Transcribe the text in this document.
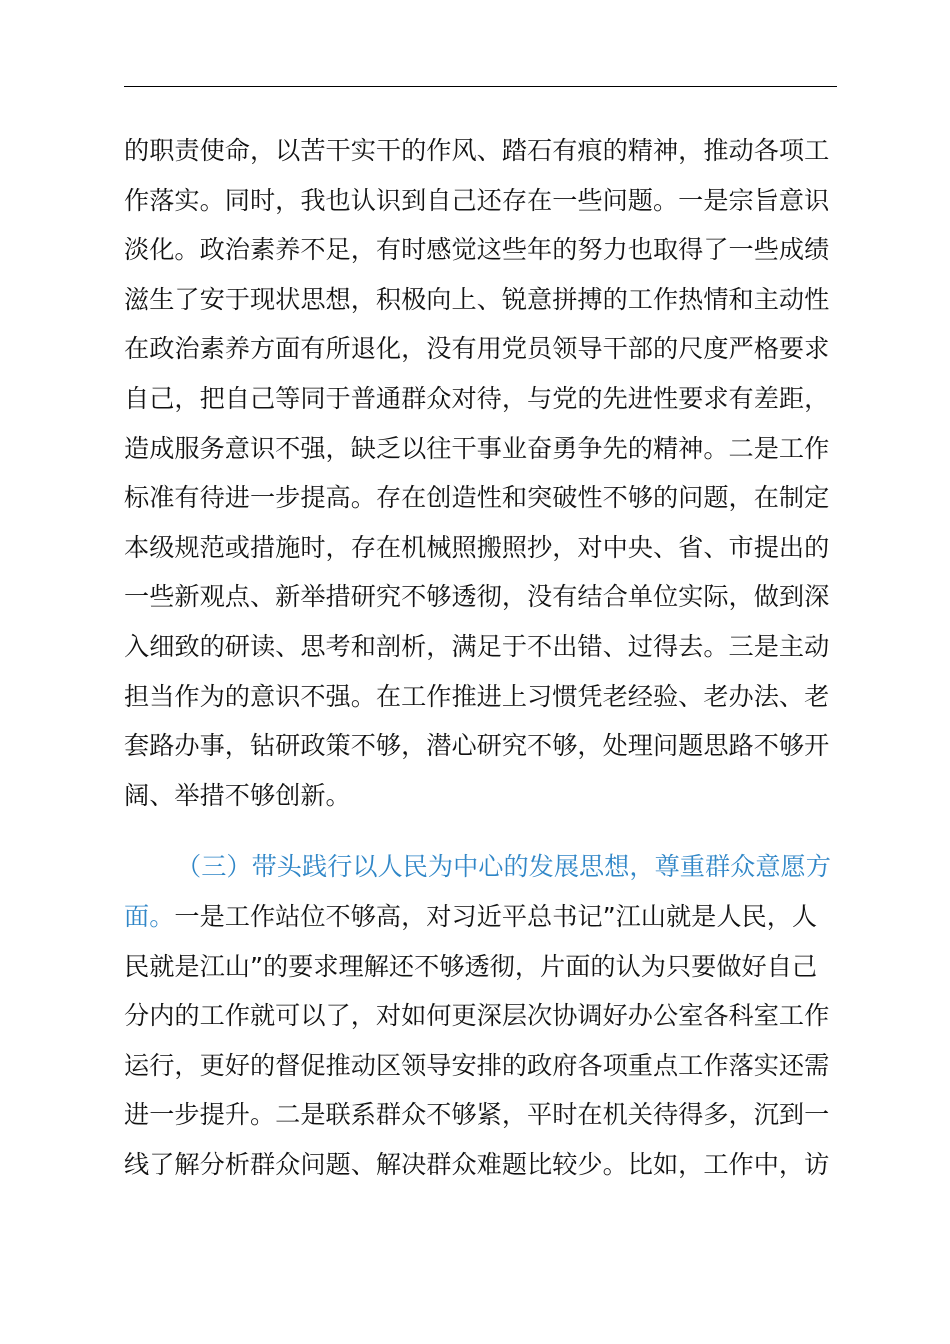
的职责使命，以苦干实干的作风、踏石有痕的精神，推动各项工
作落实。同时，我也认识到自己还存在一些问题。一是宗旨意识
淡化。政治素养不足，有时感觉这些年的努力也取得了一些成绩
滋生了安于现状思想，积极向上、锐意拼搏的工作热情和主动性
在政治素养方面有所退化，没有用党员领导干部的尺度严格要求
自己，把自己等同于普通群众对待，与党的先进性要求有差距，
造成服务意识不强，缺乏以往干事业奋勇争先的精神。二是工作
标准有待进一步提高。存在创造性和突破性不够的问题，在制定
本级规范或措施时，存在机械照搬照抄，对中央、省、市提出的
一些新观点、新举措研究不够透彻，没有结合单位实际，做到深
入细致的研读、思考和剖析，满足于不出错、过得去。三是主动
担当作为的意识不强。在工作推进上习惯凭老经验、老办法、老
套路办事，钻研政策不够，潜心研究不够，处理问题思路不够开
阔、举措不够创新。
（三）带头践行以人民为中心的发展思想，尊重群众意愿方
面。一是工作站位不够高，对习近平总书记”江山就是人民，人
民就是江山”的要求理解还不够透彻，片面的认为只要做好自己
分内的工作就可以了，对如何更深层次协调好办公室各科室工作
运行，更好的督促推动区领导安排的政府各项重点工作落实还需
进一步提升。二是联系群众不够紧，平时在机关待得多，沉到一
线了解分析群众问题、解决群众难题比较少。比如，工作中，访
